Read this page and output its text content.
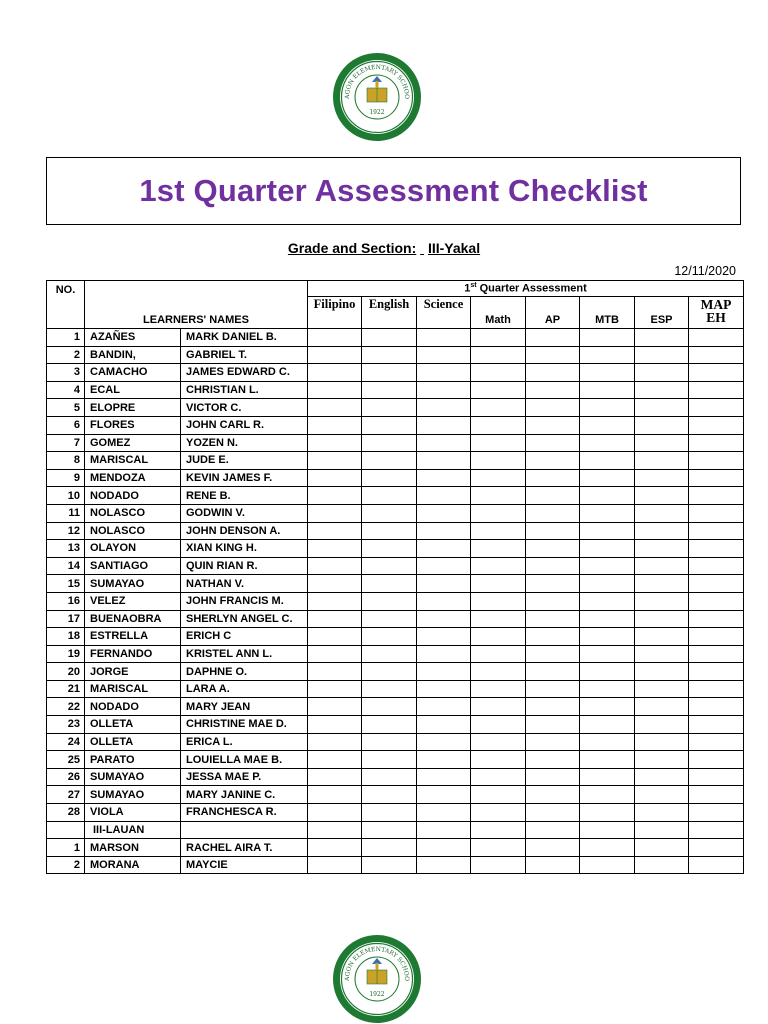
AGON ELEMENTARY SCHOO
1922
1st Quarter Assessment Checklist
Grade and Section: III-Yakal
12/11/2020
NO.	LEARNERS' NAMES		1st Quarter Assessment							
			Filipino	English	Science	Math	AP	MTB	ESP	MAPEH
1	AZAÑES	MARK DANIEL B.								
2	BANDIN,	GABRIEL T.								
3	CAMACHO	JAMES EDWARD C.								
4	ECAL	CHRISTIAN L.								
5	ELOPRE	VICTOR C.								
6	FLORES	JOHN CARL R.								
7	GOMEZ	YOZEN N.								
8	MARISCAL	JUDE E.								
9	MENDOZA	KEVIN JAMES F.								
10	NODADO	RENE B.								
11	NOLASCO	GODWIN V.								
12	NOLASCO	JOHN DENSON A.								
13	OLAYON	XIAN KING H.								
14	SANTIAGO	QUIN RIAN R.								
15	SUMAYAO	NATHAN V.								
16	VELEZ	JOHN FRANCIS M.								
17	BUENAOBRA	SHERLYN ANGEL C.								
18	ESTRELLA	ERICH C								
19	FERNANDO	KRISTEL ANN L.								
20	JORGE	DAPHNE O.								
21	MARISCAL	LARA A.								
22	NODADO	MARY JEAN								
23	OLLETA	CHRISTINE MAE D.								
24	OLLETA	ERICA L.								
25	PARATO	LOUIELLA MAE B.								
26	SUMAYAO	JESSA MAE P.								
27	SUMAYAO	MARY JANINE C.								
28	VIOLA	FRANCHESCA R.								
	III-LAUAN									
1	MARSON	RACHEL AIRA T.								
2	MORANA	MAYCIE								
AGON ELEMENTARY SCHOO
1922
